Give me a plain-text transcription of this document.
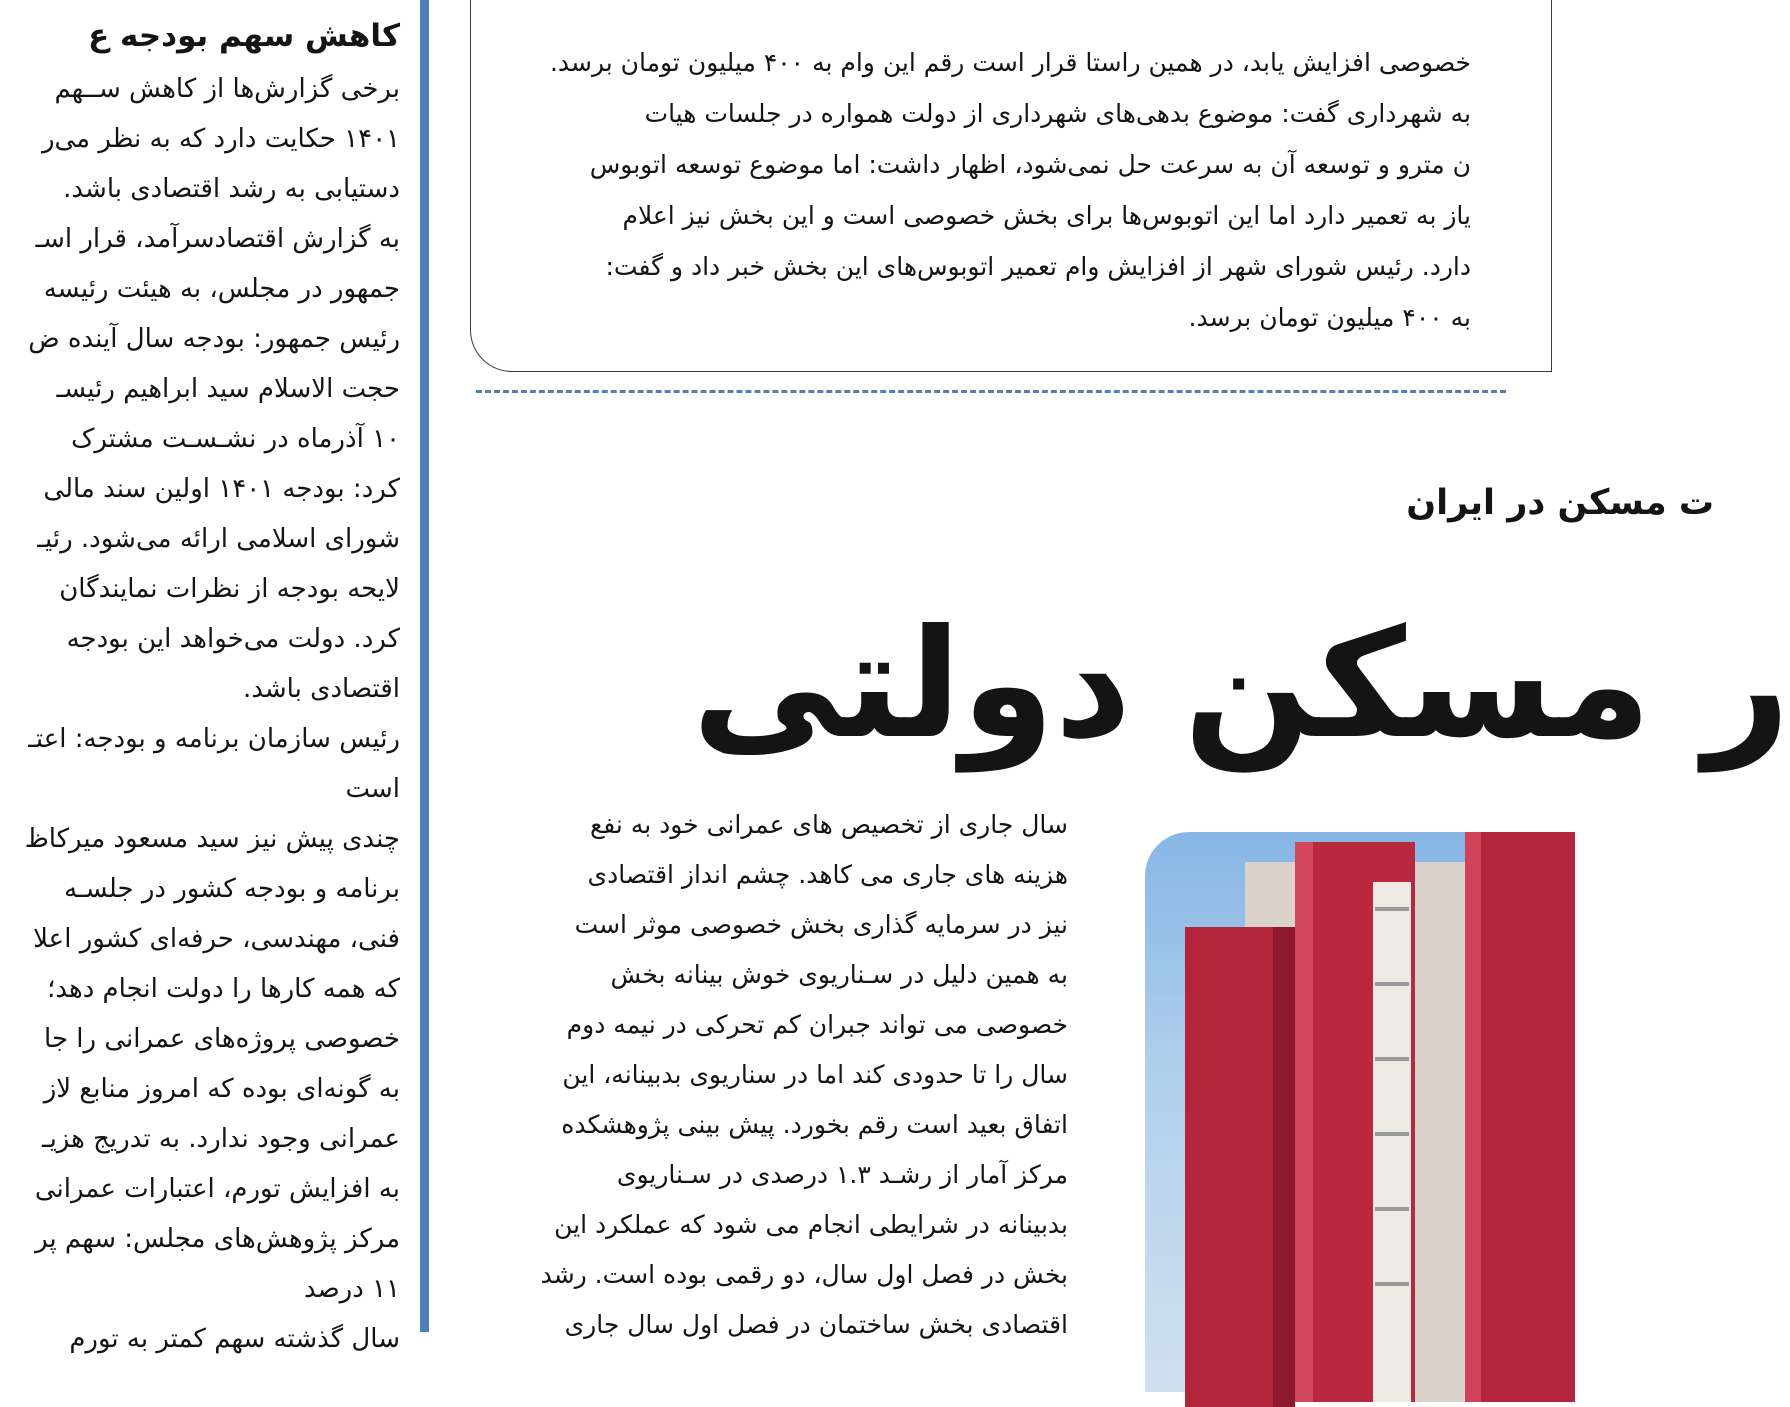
کاهش سهم بودجه ع
برخی گزارش‌ها از کاهش ســهم
۱۴۰۱ حکایت دارد که به نظر می‌ر
دستیابی به رشد اقتصادی باشد.
به گزارش اقتصادسرآمد، قرار اسـ
جمهور در مجلس، به هیئت رئیسه
رئیس جمهور: بودجه سال آینده ض
حجت الاسلام سید ابراهیم رئیسـ
۱۰ آذرماه در نشـسـت مشترک
کرد: بودجه ۱۴۰۱ اولین سند مالی
شورای اسلامی ارائه می‌شود. رئیـ
لایحه بودجه از نظرات نمایندگان
کرد. دولت می‌خواهد این بودجه
اقتصادی باشد.
رئیس سازمان برنامه و بودجه: اعتـ
است
چندی پیش نیز سید مسعود میرکاظ
برنامه و بودجه کشور در جلسـه
فنی، مهندسی، حرفه‌ای کشور اعلا
که همه کارها را دولت انجام دهد؛
خصوصی پروژه‌های عمرانی را جا
به گونه‌ای بوده که امروز منابع لاز
عمرانی وجود ندارد. به تدریج هزیـ
به افزایش تورم، اعتبارات عمرانی
مرکز پژوهش‌های مجلس: سهم پر
۱۱ درصد
سال گذشته سهم کمتر به تورم
خصوصی افزایش یابد، در همین راستا قرار است رقم این وام به ۴۰۰ میلیون تومان برسد.
به شهرداری گفت: موضوع بدهی‌های شهرداری از دولت همواره در جلسات هیات
ن مترو و توسعه آن به سرعت حل نمی‌شود، اظهار داشت: اما موضوع توسعه اتوبوس
یاز به تعمیر دارد اما این اتوبوس‌ها برای بخش خصوصی است و این بخش نیز اعلام
دارد. رئیس شورای شهر از افزایش وام تعمیر اتوبوس‌های این بخش خبر داد و گفت:
به ۴۰۰ میلیون تومان برسد.
ت مسکن در ایران
ر مسکن دولتی
سال جاری از تخصیص های عمرانی خود به نفع
هزینه های جاری می کاهد. چشم انداز اقتصادی
نیز در سرمایه گذاری بخش خصوصی موثر است
به همین دلیل در سـناریوی خوش بینانه بخش
خصوصی می تواند جبران کم تحرکی در نیمه دوم
سال را تا حدودی کند اما در سناریوی بدبینانه، این
اتفاق بعید است رقم بخورد. پیش بینی پژوهشکده
مرکز آمار از رشـد ۱.۳ درصدی در سـناریوی
بدبینانه در شرایطی انجام می شود که عملکرد این
بخش در فصل اول سال، دو رقمی بوده است. رشد
اقتصادی بخش ساختمان در فصل اول سال جاری
